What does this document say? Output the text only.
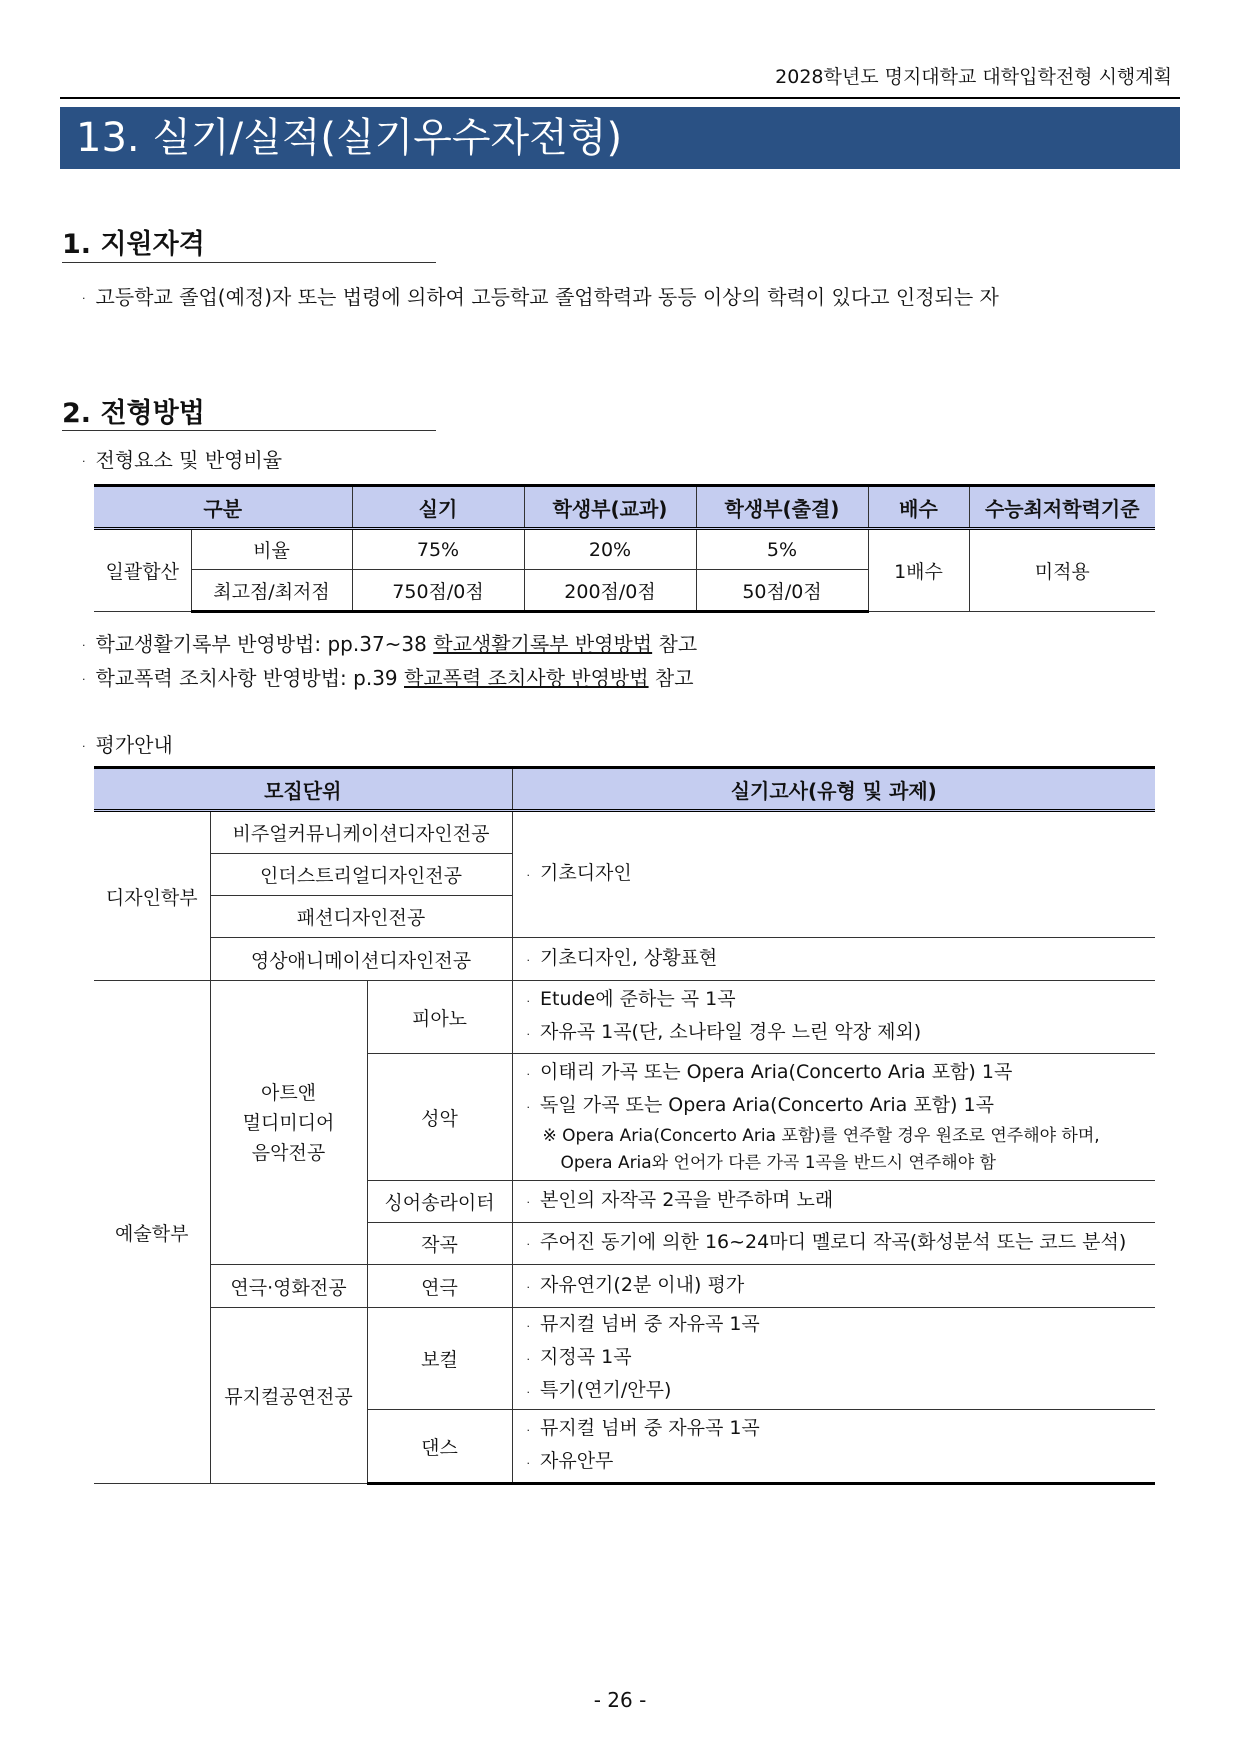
2028학년도 명지대학교 대학입학전형 시행계획
13. 실기/실적(실기우수자전형)
1. 지원자격
· 고등학교 졸업(예정)자 또는 법령에 의하여 고등학교 졸업학력과 동등 이상의 학력이 있다고 인정되는 자
2. 전형방법
· 전형요소 및 반영비율
구분		실기	학생부(교과)	학생부(출결)	배수	수능최저학력기준
일괄합산	비율	75%	20%	5%	1배수	미적용
	최고점/최저점	750점/0점	200점/0점	50점/0점		
· 학교생활기록부 반영방법: pp.37~38 학교생활기록부 반영방법 참고
· 학교폭력 조치사항 반영방법: p.39 학교폭력 조치사항 반영방법 참고
· 평가안내
모집단위			실기고사(유형 및 과제)
디자인학부	비주얼커뮤니케이션디자인전공		· 기초디자인

	인더스트리얼디자인전공		
	패션디자인전공		
	영상애니메이션디자인전공		· 기초디자인, 상황표현

예술학부	아트앤
멀디미디어
음악전공	피아노	· Etude에 준하는 곡 1곡
· 자유곡 1곡(단, 소나타일 경우 느린 악장 제외)

		성악	· 이태리 가곡 또는 Opera Aria(Concerto Aria 포함) 1곡
· 독일 가곡 또는 Opera Aria(Concerto Aria 포함) 1곡
※ Opera Aria(Concerto Aria 포함)를 연주할 경우 원조로 연주해야 하며, Opera Aria와 언어가 다른 가곡 1곡을 반드시 연주해야 함

		싱어송라이터	· 본인의 자작곡 2곡을 반주하며 노래

		작곡	· 주어진 동기에 의한 16~24마디 멜로디 작곡(화성분석 또는 코드 분석)

	연극·영화전공	연극	· 자유연기(2분 이내) 평가

	뮤지컬공연전공	보컬	· 뮤지컬 넘버 중 자유곡 1곡
· 지정곡 1곡
· 특기(연기/안무)

		댄스	· 뮤지컬 넘버 중 자유곡 1곡
· 자유안무
- 26 -
